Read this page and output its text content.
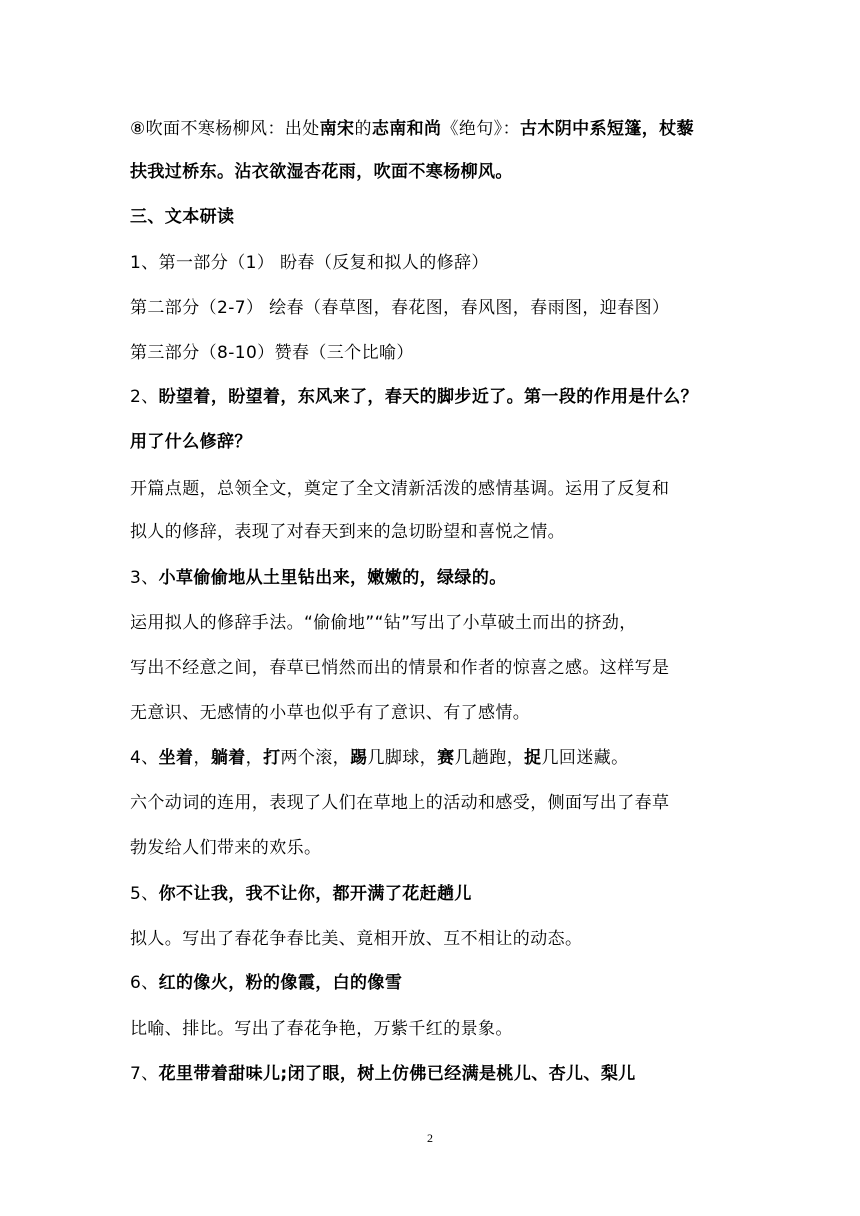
⑧吹面不寒杨柳风：出处南宋的志南和尚《绝句》：古木阴中系短篷，杖藜
扶我过桥东。沾衣欲湿杏花雨，吹面不寒杨柳风。
三、文本研读
1、第一部分（1） 盼春（反复和拟人的修辞）
第二部分（2-7） 绘春（春草图，春花图，春风图，春雨图，迎春图）
第三部分（8-10）赞春（三个比喻）
2、盼望着，盼望着，东风来了，春天的脚步近了。第一段的作用是什么？
用了什么修辞？
开篇点题，总领全文，奠定了全文清新活泼的感情基调。运用了反复和
拟人的修辞，表现了对春天到来的急切盼望和喜悦之情。
3、小草偷偷地从土里钻出来，嫩嫩的，绿绿的。
运用拟人的修辞手法。“偷偷地”“钻”写出了小草破土而出的挤劲，
写出不经意之间，春草已悄然而出的情景和作者的惊喜之感。这样写是
无意识、无感情的小草也似乎有了意识、有了感情。
4、坐着，躺着，打两个滚，踢几脚球，赛几趟跑，捉几回迷藏。
六个动词的连用，表现了人们在草地上的活动和感受，侧面写出了春草
勃发给人们带来的欢乐。
5、你不让我，我不让你，都开满了花赶趟儿
拟人。写出了春花争春比美、竟相开放、互不相让的动态。
6、红的像火，粉的像霞，白的像雪
比喻、排比。写出了春花争艳，万紫千红的景象。
7、花里带着甜味儿;闭了眼，树上仿佛已经满是桃儿、杏儿、梨儿
2
